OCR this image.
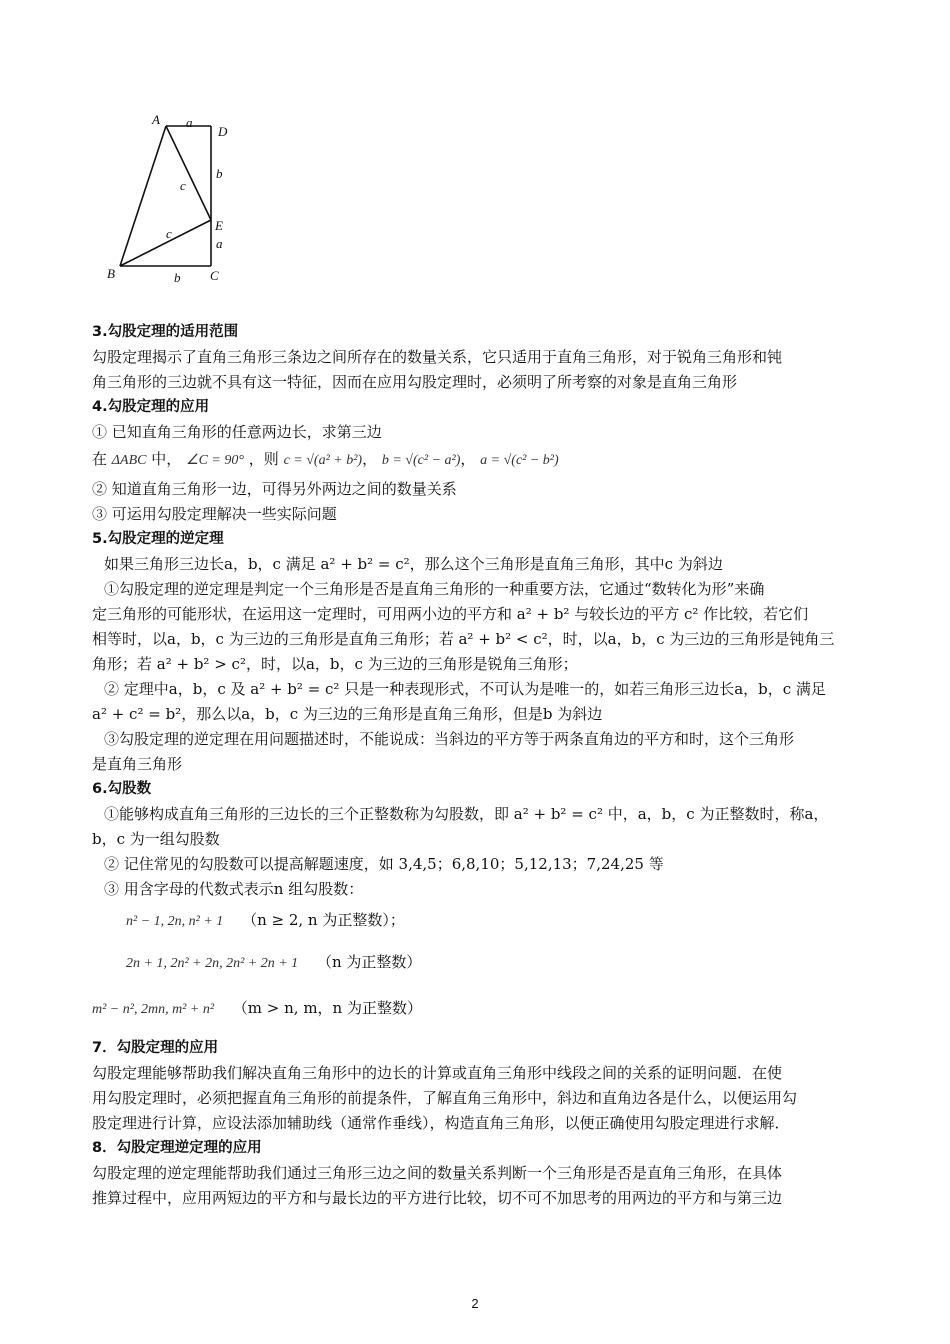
A a
D
b
c
E
c
a
B	b C

3.勾股定理的适用范围

勾股定理揭示了直角三角形三条边之间所存在的数量关系，它只适用于直角三角形，对于锐角三角形和钝

角三角形的三边就不具有这一特征，因而在应用勾股定理时，必须明了所考察的对象是直角三角形

4.勾股定理的应用

① 已知直角三角形的任意两边长，求第三边

在 ΔABC 中， ∠C = 90° ，则 c = √(a² + b²)， b = √(c² − a²)， a = √(c² − b²)

② 知道直角三角形一边，可得另外两边之间的数量关系

③ 可运用勾股定理解决一些实际问题

5.勾股定理的逆定理

如果三角形三边长a，b，c 满足 a² + b² = c²，那么这个三角形是直角三角形，其中c 为斜边

①勾股定理的逆定理是判定一个三角形是否是直角三角形的一种重要方法，它通过“数转化为形”来确

定三角形的可能形状，在运用这一定理时，可用两小边的平方和 a² + b² 与较长边的平方 c² 作比较，若它们

相等时，以a，b，c 为三边的三角形是直角三角形；若 a² + b² < c²，时，以a，b，c 为三边的三角形是钝角三

角形；若 a² + b² > c²，时，以a，b，c 为三边的三角形是锐角三角形；

② 定理中a，b，c 及 a² + b² = c² 只是一种表现形式，不可认为是唯一的，如若三角形三边长a，b，c 满足

a² + c² = b²，那么以a，b，c 为三边的三角形是直角三角形，但是b 为斜边

③勾股定理的逆定理在用问题描述时，不能说成：当斜边的平方等于两条直角边的平方和时，这个三角形

是直角三角形

6.勾股数

①能够构成直角三角形的三边长的三个正整数称为勾股数，即 a² + b² = c² 中，a，b，c 为正整数时，称a，

b，c 为一组勾股数

② 记住常见的勾股数可以提高解题速度，如 3,4,5；6,8,10；5,12,13；7,24,25 等

③ 用含字母的代数式表示n 组勾股数：

n² − 1, 2n, n² + 1 （n ≥ 2, n 为正整数）；

2n + 1, 2n² + 2n, 2n² + 2n + 1 （n 为正整数）

m² − n², 2mn, m² + n² （m > n, m，n 为正整数）

7．勾股定理的应用

勾股定理能够帮助我们解决直角三角形中的边长的计算或直角三角形中线段之间的关系的证明问题．在使

用勾股定理时，必须把握直角三角形的前提条件，了解直角三角形中，斜边和直角边各是什么，以便运用勾

股定理进行计算，应设法添加辅助线（通常作垂线），构造直角三角形，以便正确使用勾股定理进行求解．

8．勾股定理逆定理的应用

勾股定理的逆定理能帮助我们通过三角形三边之间的数量关系判断一个三角形是否是直角三角形，在具体

推算过程中，应用两短边的平方和与最长边的平方进行比较，切不可不加思考的用两边的平方和与第三边

2
